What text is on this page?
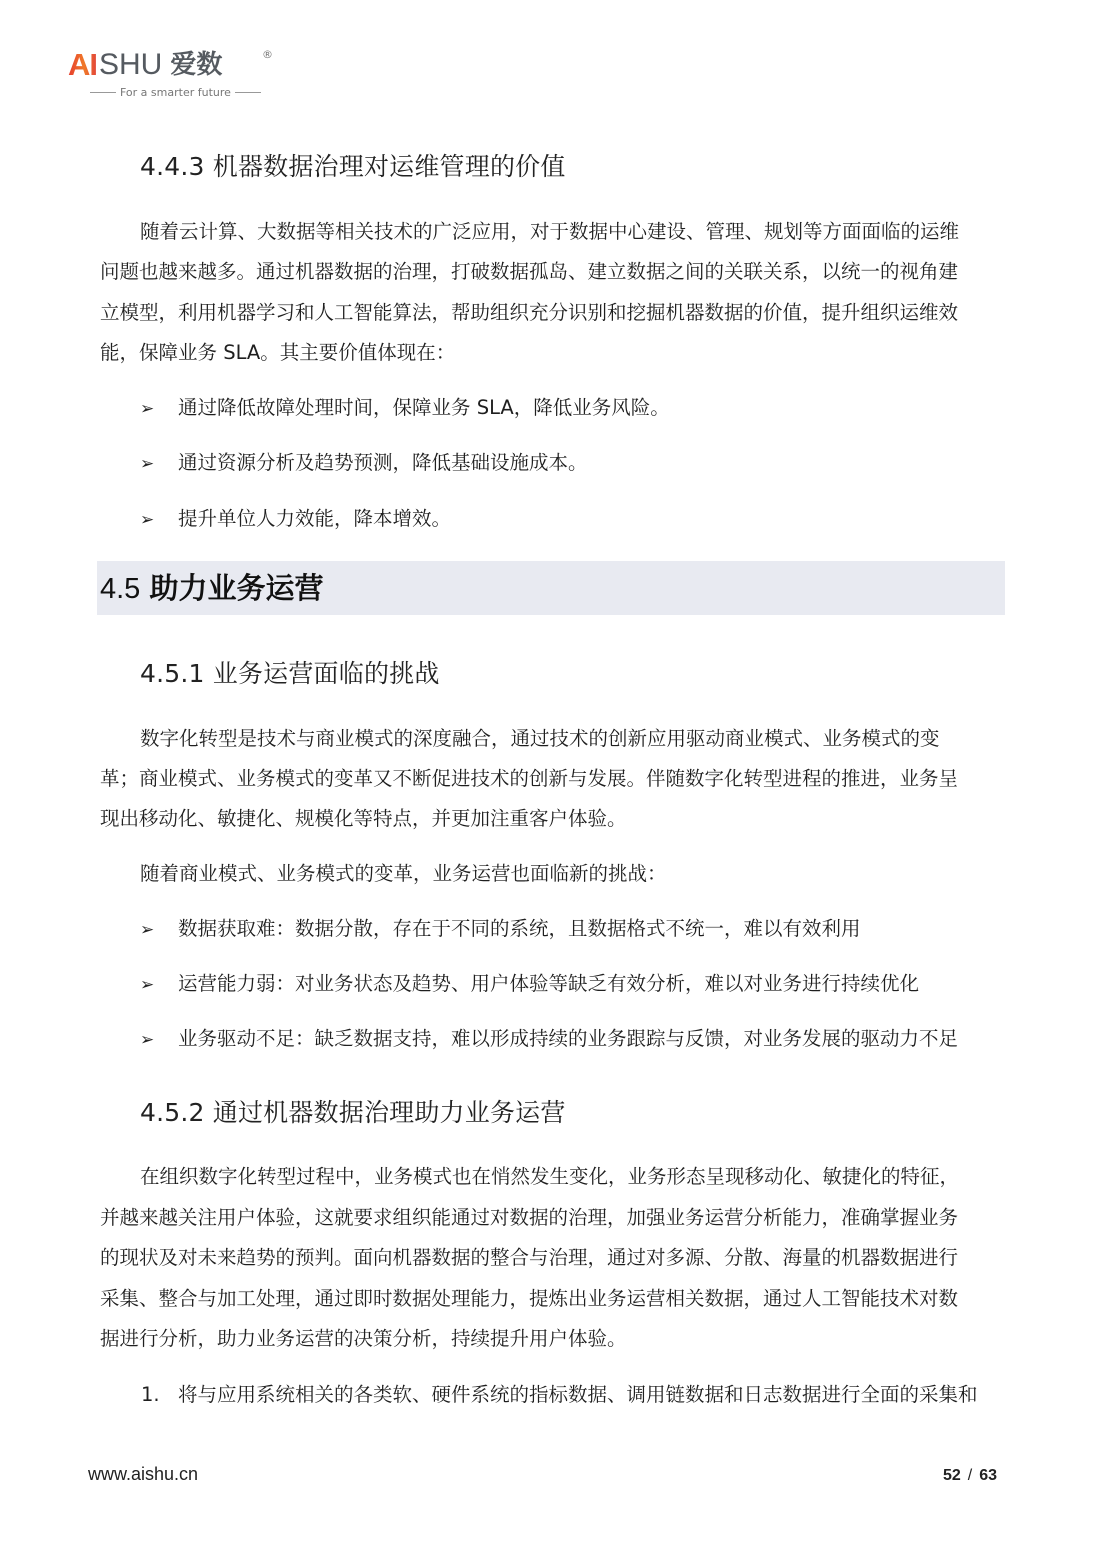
AI SHU 爱数	®
For a smarter future
4.4.3 机器数据治理对运维管理的价值
随着云计算、大数据等相关技术的广泛应用，对于数据中心建设、管理、规划等方面面临的运维
问题也越来越多。通过机器数据的治理，打破数据孤岛、建立数据之间的关联关系，以统一的视角建
立模型，利用机器学习和人工智能算法，帮助组织充分识别和挖掘机器数据的价值，提升组织运维效
能，保障业务 SLA。其主要价值体现在：
➢ 通过降低故障处理时间，保障业务 SLA，降低业务风险。
➢ 通过资源分析及趋势预测，降低基础设施成本。
➢ 提升单位人力效能，降本增效。
4.5 助力业务运营
4.5.1 业务运营面临的挑战
数字化转型是技术与商业模式的深度融合，通过技术的创新应用驱动商业模式、业务模式的变
革；商业模式、业务模式的变革又不断促进技术的创新与发展。伴随数字化转型进程的推进，业务呈
现出移动化、敏捷化、规模化等特点，并更加注重客户体验。
随着商业模式、业务模式的变革，业务运营也面临新的挑战：
➢ 数据获取难：数据分散，存在于不同的系统，且数据格式不统一，难以有效利用
➢ 运营能力弱：对业务状态及趋势、用户体验等缺乏有效分析，难以对业务进行持续优化
➢ 业务驱动不足：缺乏数据支持，难以形成持续的业务跟踪与反馈，对业务发展的驱动力不足
4.5.2 通过机器数据治理助力业务运营
在组织数字化转型过程中，业务模式也在悄然发生变化，业务形态呈现移动化、敏捷化的特征，
并越来越关注用户体验，这就要求组织能通过对数据的治理，加强业务运营分析能力，准确掌握业务
的现状及对未来趋势的预判。面向机器数据的整合与治理，通过对多源、分散、海量的机器数据进行
采集、整合与加工处理，通过即时数据处理能力，提炼出业务运营相关数据，通过人工智能技术对数
据进行分析，助力业务运营的决策分析，持续提升用户体验。
1. 将与应用系统相关的各类软、硬件系统的指标数据、调用链数据和日志数据进行全面的采集和
www.aishu.cn	52 / 63
